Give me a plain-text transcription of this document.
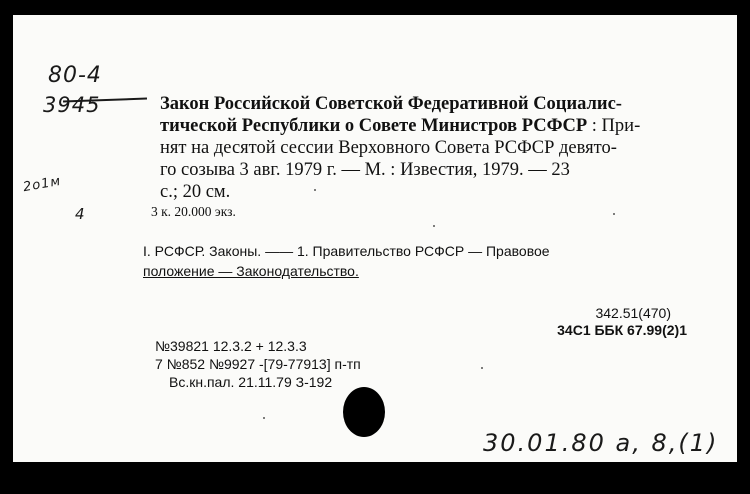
80-4
3945
2о1м
4
Закон Российской Советской Федеративной Социалис-
тической Республики о Совете Министров РСФСР : При-
нят на десятой сессии Верховного Совета РСФСР девято-
го созыва 3 авг. 1979 г. — М. : Известия, 1979. — 23
с.; 20 см.
3 к. 20.000 экз.
I. РСФСР. Законы. —— 1. Правительство РСФСР — Правовое
положение — Законодательство.
342.51(470)
34С1 ББК 67.99(2)1
№39821 12.3.2 + 12.3.3
7 №852 №9927 -[79-77913] п-тп
Вс.кн.пал. 21.11.79 З-192
30.01.80 а, 8,(1)
